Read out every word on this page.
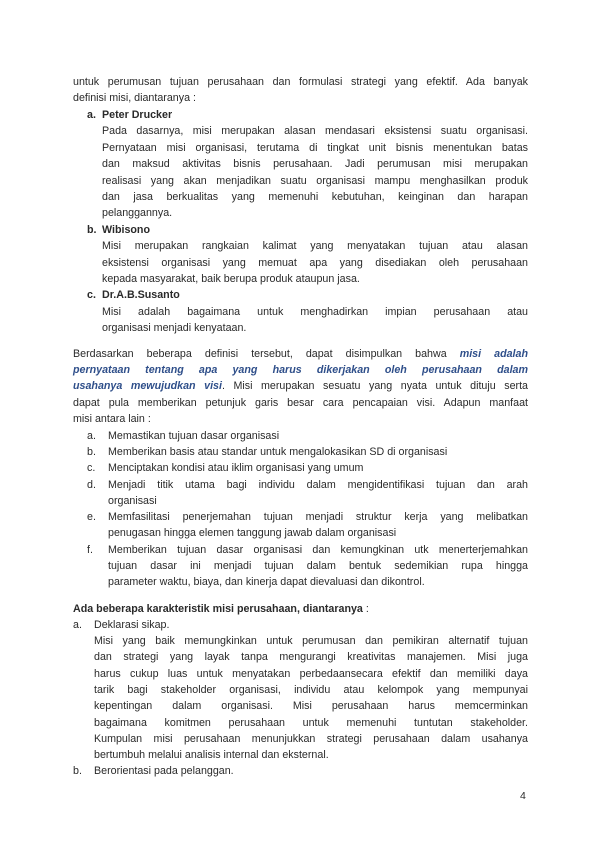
untuk perumusan tujuan perusahaan dan formulasi strategi yang efektif. Ada banyak
definisi misi, diantaranya :
a. Peter Drucker
Pada dasarnya, misi merupakan alasan mendasari eksistensi suatu organisasi.
Pernyataan misi organisasi, terutama di tingkat unit bisnis menentukan batas
dan maksud aktivitas bisnis perusahaan. Jadi perumusan misi merupakan
realisasi yang akan menjadikan suatu organisasi mampu menghasilkan produk
dan jasa berkualitas yang memenuhi kebutuhan, keinginan dan harapan
pelanggannya.
b. Wibisono
Misi merupakan rangkaian kalimat yang menyatakan tujuan atau alasan
eksistensi organisasi yang memuat apa yang disediakan oleh perusahaan
kepada masyarakat, baik berupa produk ataupun jasa.
c. Dr.A.B.Susanto
Misi adalah bagaimana untuk menghadirkan impian perusahaan atau
organisasi menjadi kenyataan.
Berdasarkan beberapa definisi tersebut, dapat disimpulkan bahwa misi adalah
pernyataan tentang apa yang harus dikerjakan oleh perusahaan dalam
usahanya mewujudkan visi. Misi merupakan sesuatu yang nyata untuk dituju serta
dapat pula memberikan petunjuk garis besar cara pencapaian visi. Adapun manfaat
misi antara lain :
a. Memastikan tujuan dasar organisasi
b. Memberikan basis atau standar untuk mengalokasikan SD di organisasi
c. Menciptakan kondisi atau iklim organisasi yang umum
d. Menjadi titik utama bagi individu dalam mengidentifikasi tujuan dan arah
organisasi
e. Memfasilitasi penerjemahan tujuan menjadi struktur kerja yang melibatkan
penugasan hingga elemen tanggung jawab dalam organisasi
f. Memberikan tujuan dasar organisasi dan kemungkinan utk menerterjemahkan
tujuan dasar ini menjadi tujuan dalam bentuk sedemikian rupa hingga
parameter waktu, biaya, dan kinerja dapat dievaluasi dan dikontrol.
Ada beberapa karakteristik misi perusahaan, diantaranya :
a. Deklarasi sikap.
Misi yang baik memungkinkan untuk perumusan dan pemikiran alternatif tujuan
dan strategi yang layak tanpa mengurangi kreativitas manajemen. Misi juga
harus cukup luas untuk menyatakan perbedaansecara efektif dan memiliki daya
tarik bagi stakeholder organisasi, individu atau kelompok yang mempunyai
kepentingan dalam organisasi. Misi perusahaan harus memcerminkan
bagaimana komitmen perusahaan untuk memenuhi tuntutan stakeholder.
Kumpulan misi perusahaan menunjukkan strategi perusahaan dalam usahanya
bertumbuh melalui analisis internal dan eksternal.
b. Berorientasi pada pelanggan.
4
